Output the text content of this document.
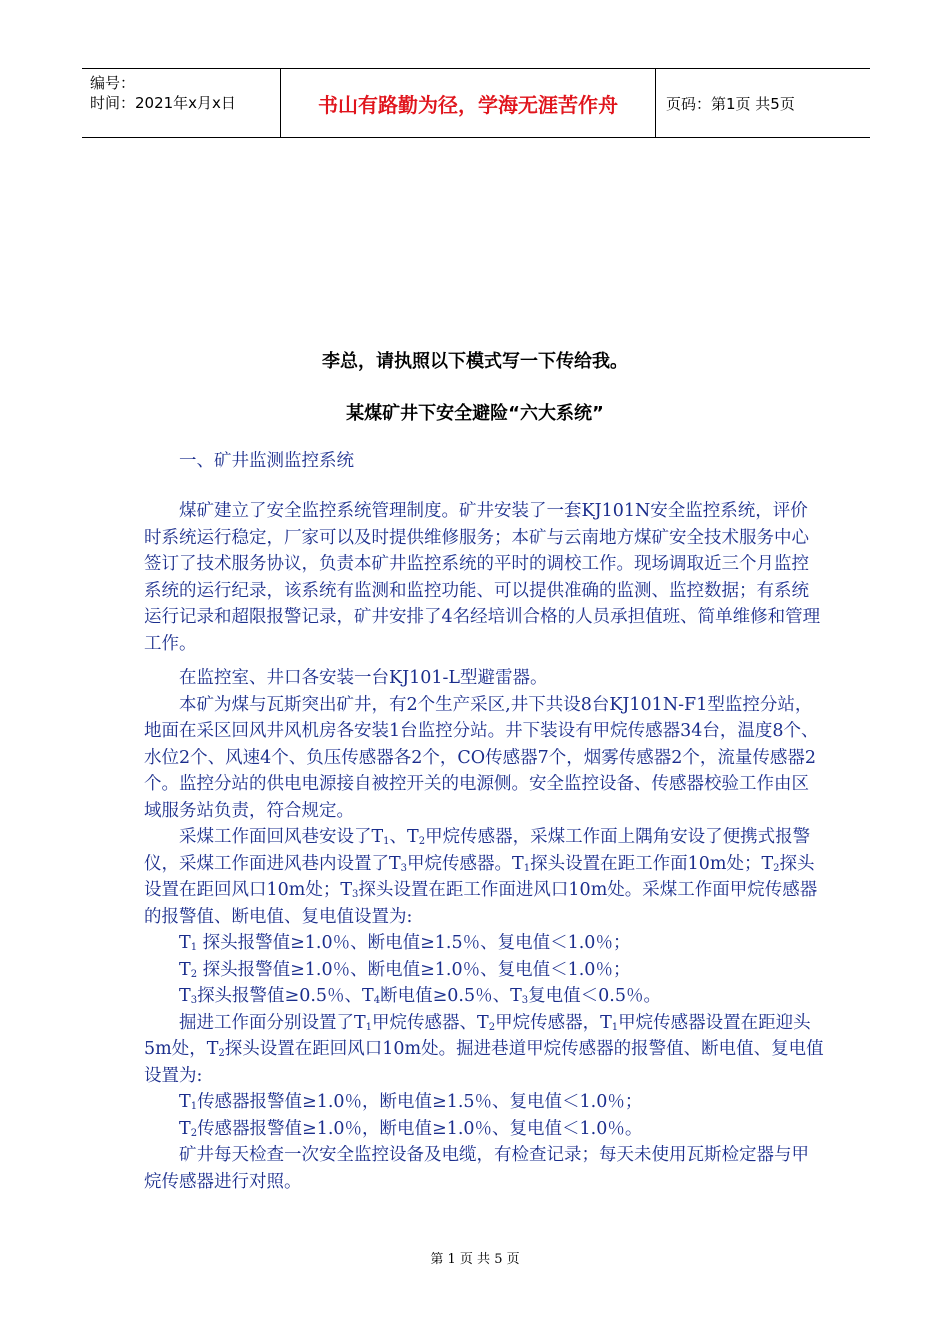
编号：
时间：2021年x月x日	书山有路勤为径，学海无涯苦作舟	页码：第1页 共5页
李总，请执照以下模式写一下传给我。
某煤矿井下安全避险“六大系统”

一、矿井监测监控系统

煤矿建立了安全监控系统管理制度。矿井安装了一套KJ101N安全监控系统，评价时系统运行稳定，厂家可以及时提供维修服务；本矿与云南地方煤矿安全技术服务中心签订了技术服务协议，负责本矿井监控系统的平时的调校工作。现场调取近三个月监控系统的运行纪录，该系统有监测和监控功能、可以提供准确的监测、监控数据；有系统运行记录和超限报警记录，矿井安排了4名经培训合格的人员承担值班、简单维修和管理工作。

在监控室、井口各安装一台KJ101-L型避雷器。

本矿为煤与瓦斯突出矿井，有2个生产采区,井下共设8台KJ101N-F1型监控分站，地面在采区回风井风机房各安装1台监控分站。井下装设有甲烷传感器34台，温度8个、水位2个、风速4个、负压传感器各2个，CO传感器7个，烟雾传感器2个，流量传感器2个。监控分站的供电电源接自被控开关的电源侧。安全监控设备、传感器校验工作由区域服务站负责，符合规定。

采煤工作面回风巷安设了$T_1$、$T_2$甲烷传感器，采煤工作面上隅角安设了便携式报警仪，采煤工作面进风巷内设置了$T_3$甲烷传感器。$T_1$探头设置在距工作面10m处；$T_2$探头设置在距回风口10m处；$T_3$探头设置在距工作面进风口10m处。采煤工作面甲烷传感器的报警值、断电值、复电值设置为:

$T_1$ 探头报警值≥1.0％、断电值≥1.5％、复电值＜1.0％；

$T_2$ 探头报警值≥1.0％、断电值≥1.0％、复电值＜1.0％；

$T_3$探头报警值≥0.5％、$T_4$断电值≥0.5％、$T_3$复电值＜0.5％。

掘进工作面分别设置了$T_1$甲烷传感器、$T_2$甲烷传感器，$T_1$甲烷传感器设置在距迎头5m处，$T_2$探头设置在距回风口10m处。掘进巷道甲烷传感器的报警值、断电值、复电值设置为:

$T_1$传感器报警值≥1.0％，断电值≥1.5％、复电值＜1.0％；

$T_2$传感器报警值≥1.0％，断电值≥1.0％、复电值＜1.0％。

矿井每天检查一次安全监控设备及电缆，有检查记录；每天未使用瓦斯检定器与甲烷传感器进行对照。

第 1 页 共 5 页
